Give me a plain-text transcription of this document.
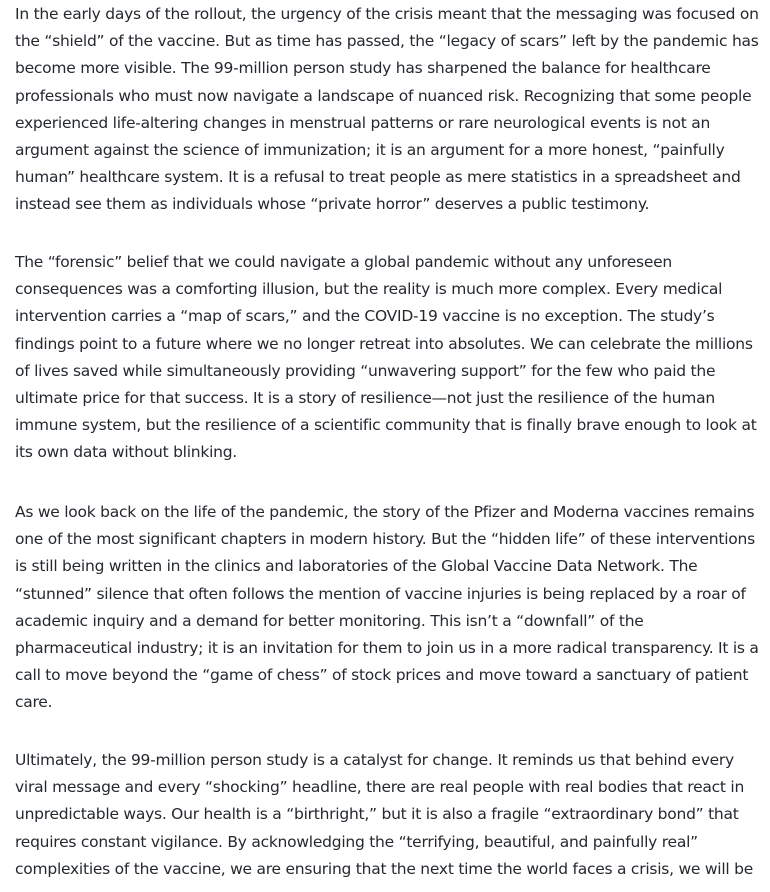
In the early days of the rollout, the urgency of the crisis meant that the messaging was focused on the “shield” of the vaccine. But as time has passed, the “legacy of scars” left by the pandemic has become more visible. The 99-million person study has sharpened the balance for healthcare professionals who must now navigate a landscape of nuanced risk. Recognizing that some people experienced life-altering changes in menstrual patterns or rare neurological events is not an argument against the science of immunization; it is an argument for a more honest, “painfully human” healthcare system. It is a refusal to treat people as mere statistics in a spreadsheet and instead see them as individuals whose “private horror” deserves a public testimony.

The “forensic” belief that we could navigate a global pandemic without any unforeseen consequences was a comforting illusion, but the reality is much more complex. Every medical intervention carries a “map of scars,” and the COVID-19 vaccine is no exception. The study’s findings point to a future where we no longer retreat into absolutes. We can celebrate the millions of lives saved while simultaneously providing “unwavering support” for the few who paid the ultimate price for that success. It is a story of resilience—not just the resilience of the human immune system, but the resilience of a scientific community that is finally brave enough to look at its own data without blinking.

As we look back on the life of the pandemic, the story of the Pfizer and Moderna vaccines remains one of the most significant chapters in modern history. But the “hidden life” of these interventions is still being written in the clinics and laboratories of the Global Vaccine Data Network. The “stunned” silence that often follows the mention of vaccine injuries is being replaced by a roar of academic inquiry and a demand for better monitoring. This isn’t a “downfall” of the pharmaceutical industry; it is an invitation for them to join us in a more radical transparency. It is a call to move beyond the “game of chess” of stock prices and move toward a sanctuary of patient care.

Ultimately, the 99-million person study is a catalyst for change. It reminds us that behind every viral message and every “shocking” headline, there are real people with real bodies that react in unpredictable ways. Our health is a “birthright,” but it is also a fragile “extraordinary bond” that requires constant vigilance. By acknowledging the “terrifying, beautiful, and painfully real” complexities of the vaccine, we are ensuring that the next time the world faces a crisis, we will be
